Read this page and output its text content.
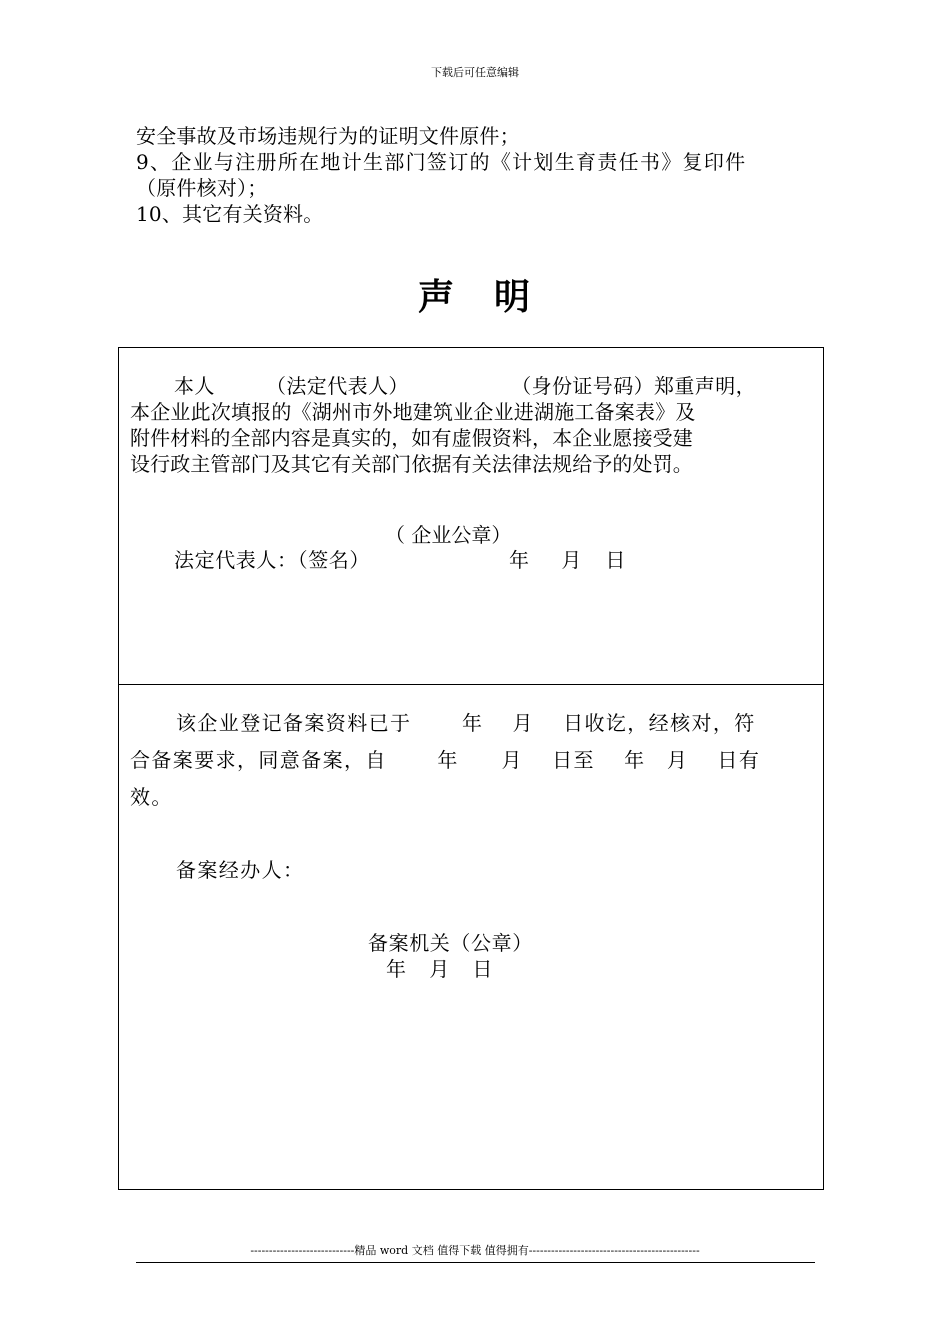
下载后可任意编辑

安全事故及市场违规行为的证明文件原件；

9、企业与注册所在地计生部门签订的《计划生育责任书》复印件

（原件核对）；

10、其它有关资料。

声 明

本人　　　（法定代表人）　　　　　　（身份证号码）郑重声明，

本企业此次填报的《湖州市外地建筑业企业进湖施工备案表》及

附件材料的全部内容是真实的，如有虚假资料，本企业愿接受建

设行政主管部门及其它有关部门依据有关法律法规给予的处罚。

（ 企业公章）
法定代表人：（签名）	年　 月　日

该企业登记备案资料已于　　 年　 月　 日收讫，经核对，符

合备案要求，同意备案，自　　 年　　月　 日至　 年　月　 日有

效。

备案经办人：
备案机关（公章）
年　月　日
----------------------------精品 word 文档 值得下载 值得拥有----------------------------------------------
